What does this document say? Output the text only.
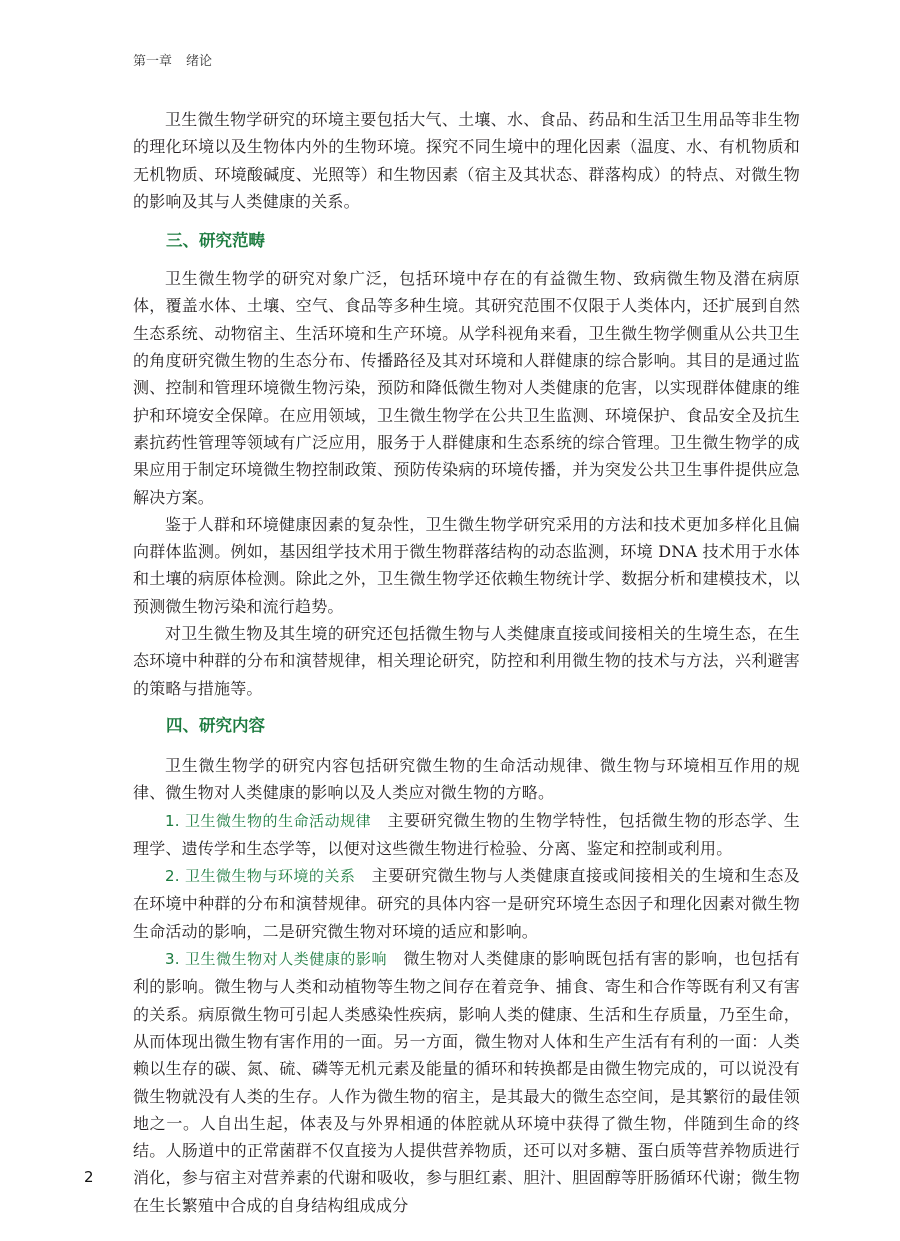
第一章 绪论

卫生微生物学研究的环境主要包括大气、土壤、水、食品、药品和生活卫生用品等非生物的理化环境以及生物体内外的生物环境。探究不同生境中的理化因素（温度、水、有机物质和无机物质、环境酸碱度、光照等）和生物因素（宿主及其状态、群落构成）的特点、对微生物的影响及其与人类健康的关系。

三、研究范畴

卫生微生物学的研究对象广泛，包括环境中存在的有益微生物、致病微生物及潜在病原体，覆盖水体、土壤、空气、食品等多种生境。其研究范围不仅限于人类体内，还扩展到自然生态系统、动物宿主、生活环境和生产环境。从学科视角来看，卫生微生物学侧重从公共卫生的角度研究微生物的生态分布、传播路径及其对环境和人群健康的综合影响。其目的是通过监测、控制和管理环境微生物污染，预防和降低微生物对人类健康的危害，以实现群体健康的维护和环境安全保障。在应用领域，卫生微生物学在公共卫生监测、环境保护、食品安全及抗生素抗药性管理等领域有广泛应用，服务于人群健康和生态系统的综合管理。卫生微生物学的成果应用于制定环境微生物控制政策、预防传染病的环境传播，并为突发公共卫生事件提供应急解决方案。

鉴于人群和环境健康因素的复杂性，卫生微生物学研究采用的方法和技术更加多样化且偏向群体监测。例如，基因组学技术用于微生物群落结构的动态监测，环境 DNA 技术用于水体和土壤的病原体检测。除此之外，卫生微生物学还依赖生物统计学、数据分析和建模技术，以预测微生物污染和流行趋势。

对卫生微生物及其生境的研究还包括微生物与人类健康直接或间接相关的生境生态，在生态环境中种群的分布和演替规律，相关理论研究，防控和利用微生物的技术与方法，兴利避害的策略与措施等。

四、研究内容

卫生微生物学的研究内容包括研究微生物的生命活动规律、微生物与环境相互作用的规律、微生物对人类健康的影响以及人类应对微生物的方略。

1. 卫生微生物的生命活动规律 主要研究微生物的生物学特性，包括微生物的形态学、生理学、遗传学和生态学等，以便对这些微生物进行检验、分离、鉴定和控制或利用。

2. 卫生微生物与环境的关系 主要研究微生物与人类健康直接或间接相关的生境和生态及在环境中种群的分布和演替规律。研究的具体内容一是研究环境生态因子和理化因素对微生物生命活动的影响，二是研究微生物对环境的适应和影响。

3. 卫生微生物对人类健康的影响 微生物对人类健康的影响既包括有害的影响，也包括有利的影响。微生物与人类和动植物等生物之间存在着竞争、捕食、寄生和合作等既有利又有害的关系。病原微生物可引起人类感染性疾病，影响人类的健康、生活和生存质量，乃至生命，从而体现出微生物有害作用的一面。另一方面，微生物对人体和生产生活有有利的一面：人类赖以生存的碳、氮、硫、磷等无机元素及能量的循环和转换都是由微生物完成的，可以说没有微生物就没有人类的生存。人作为微生物的宿主，是其最大的微生态空间，是其繁衍的最佳领地之一。人自出生起，体表及与外界相通的体腔就从环境中获得了微生物，伴随到生命的终结。人肠道中的正常菌群不仅直接为人提供营养物质，还可以对多糖、蛋白质等营养物质进行消化，参与宿主对营养素的代谢和吸收，参与胆红素、胆汁、胆固醇等肝肠循环代谢；微生物在生长繁殖中合成的自身结构组成成分

2
